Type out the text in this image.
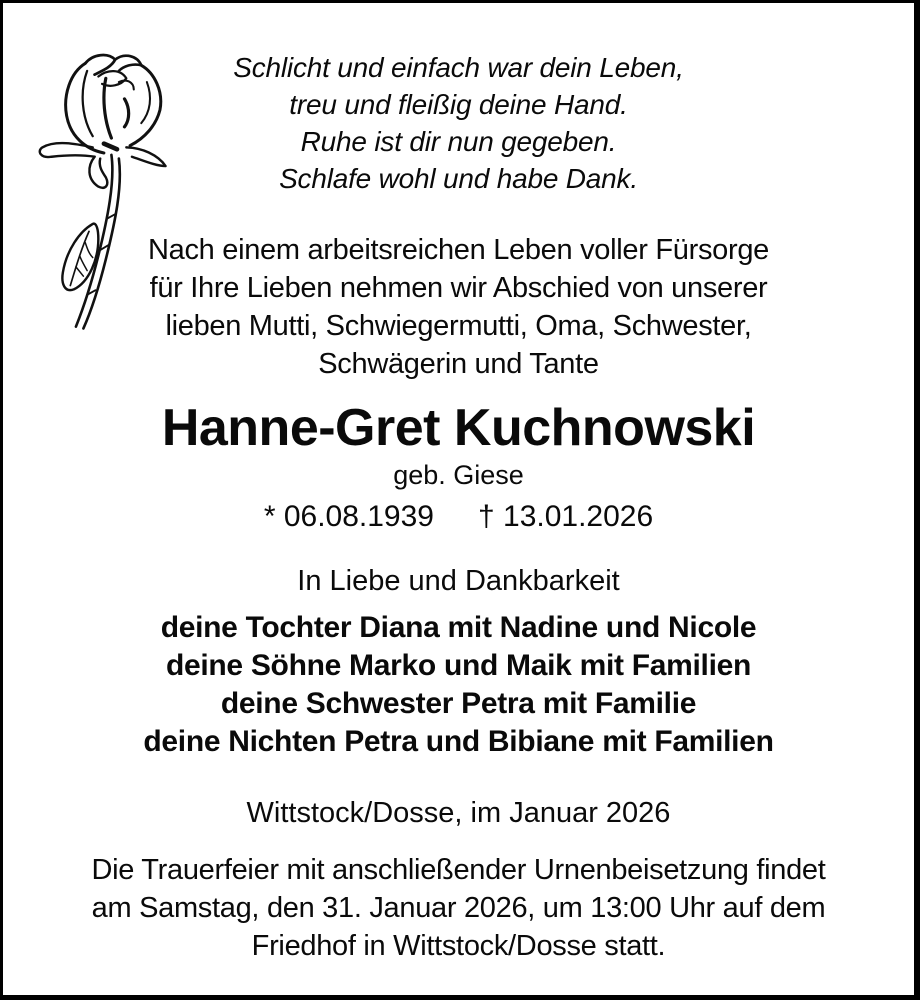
Schlicht und einfach war dein Leben,
treu und fleißig deine Hand.
Ruhe ist dir nun gegeben.
Schlafe wohl und habe Dank.
Nach einem arbeitsreichen Leben voller Fürsorge
für Ihre Lieben nehmen wir Abschied von unserer
lieben Mutti, Schwiegermutti, Oma, Schwester,
Schwägerin und Tante
Hanne-Gret Kuchnowski
geb. Giese
* 06.08.1939 † 13.01.2026
In Liebe und Dankbarkeit
deine Tochter Diana mit Nadine und Nicole
deine Söhne Marko und Maik mit Familien
deine Schwester Petra mit Familie
deine Nichten Petra und Bibiane mit Familien
Wittstock/Dosse, im Januar 2026
Die Trauerfeier mit anschließender Urnenbeisetzung findet
am Samstag, den 31. Januar 2026, um 13:00 Uhr auf dem
Friedhof in Wittstock/Dosse statt.
